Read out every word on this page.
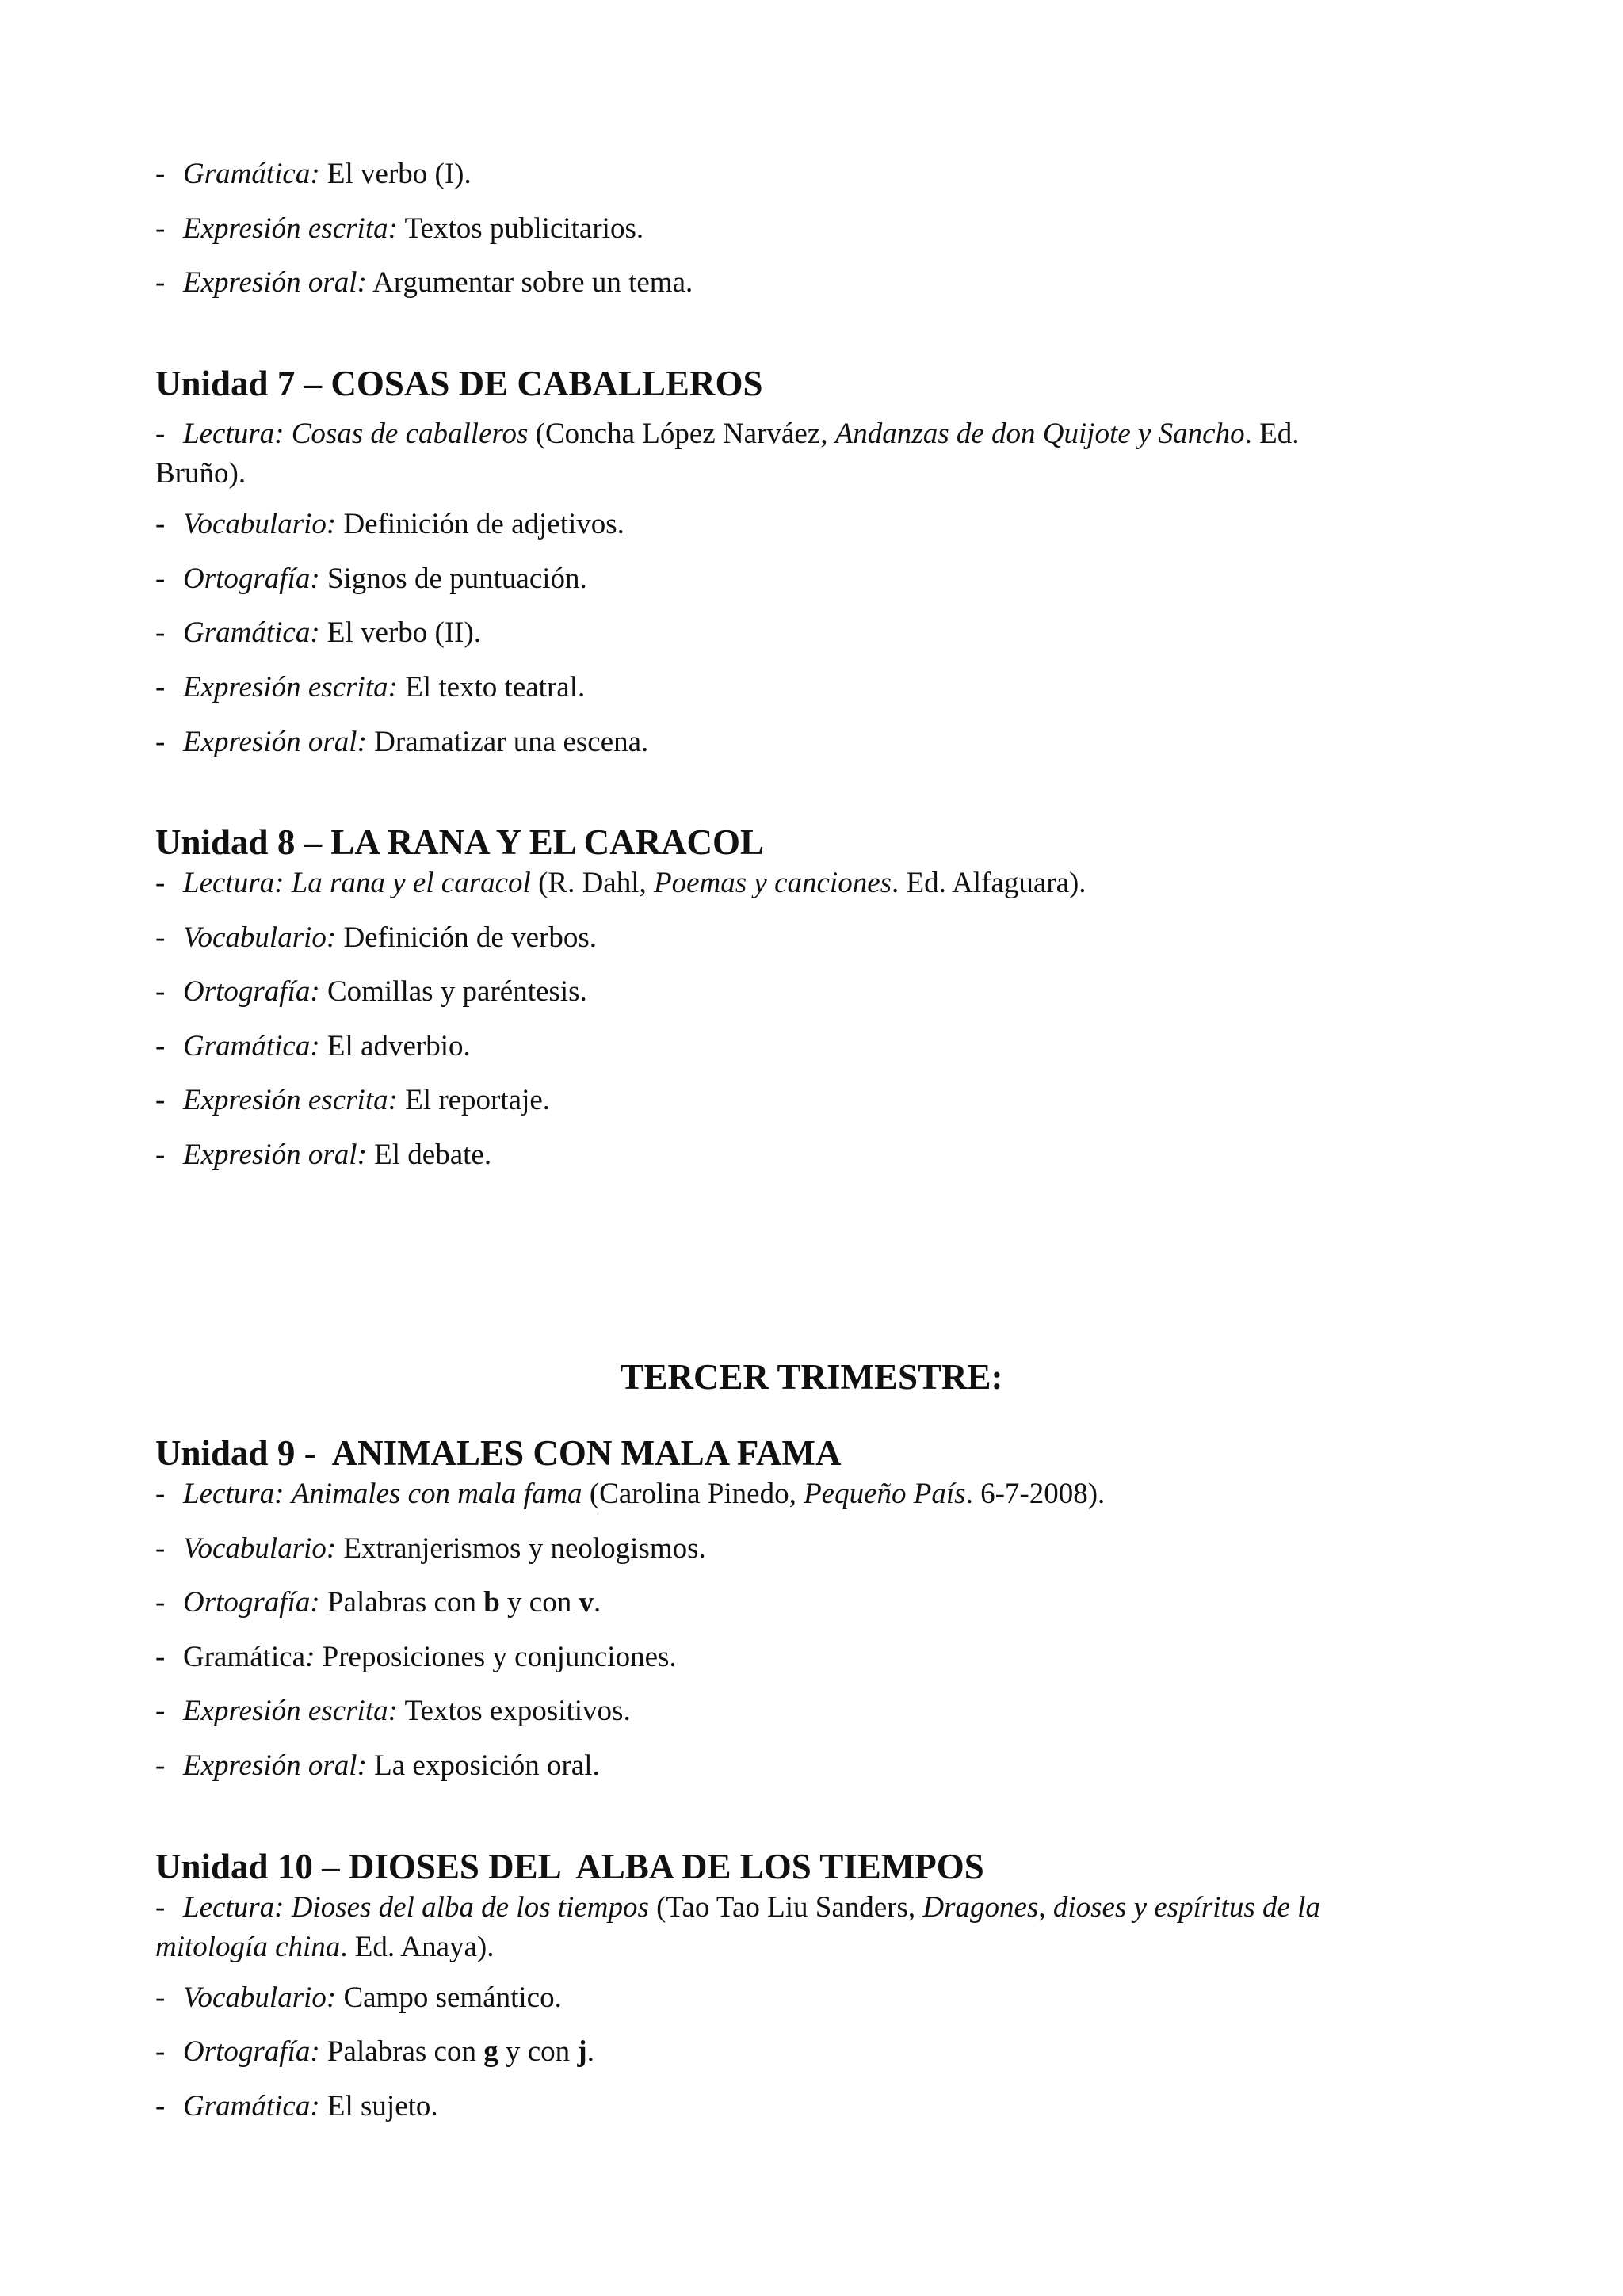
- Gramática: El verbo (I).
- Expresión escrita: Textos publicitarios.
- Expresión oral: Argumentar sobre un tema.
Unidad 7 – COSAS DE CABALLEROS
- Lectura: Cosas de caballeros (Concha López Narváez, Andanzas de don Quijote y Sancho. Ed.
Bruño).
- Vocabulario: Definición de adjetivos.
- Ortografía: Signos de puntuación.
- Gramática: El verbo (II).
- Expresión escrita: El texto teatral.
- Expresión oral: Dramatizar una escena.
Unidad 8 – LA RANA Y EL CARACOL
- Lectura: La rana y el caracol (R. Dahl, Poemas y canciones. Ed. Alfaguara).
- Vocabulario: Definición de verbos.
- Ortografía: Comillas y paréntesis.
- Gramática: El adverbio.
- Expresión escrita: El reportaje.
- Expresión oral: El debate.
TERCER TRIMESTRE:
Unidad 9 -  ANIMALES CON MALA FAMA
- Lectura: Animales con mala fama (Carolina Pinedo, Pequeño País. 6-7-2008).
- Vocabulario: Extranjerismos y neologismos.
- Ortografía: Palabras con b y con v.
- Gramática: Preposiciones y conjunciones.
- Expresión escrita: Textos expositivos.
- Expresión oral: La exposición oral.
Unidad 10 – DIOSES DEL  ALBA DE LOS TIEMPOS
- Lectura: Dioses del alba de los tiempos (Tao Tao Liu Sanders, Dragones, dioses y espíritus de la
mitología china. Ed. Anaya).
- Vocabulario: Campo semántico.
- Ortografía: Palabras con g y con j.
- Gramática: El sujeto.
